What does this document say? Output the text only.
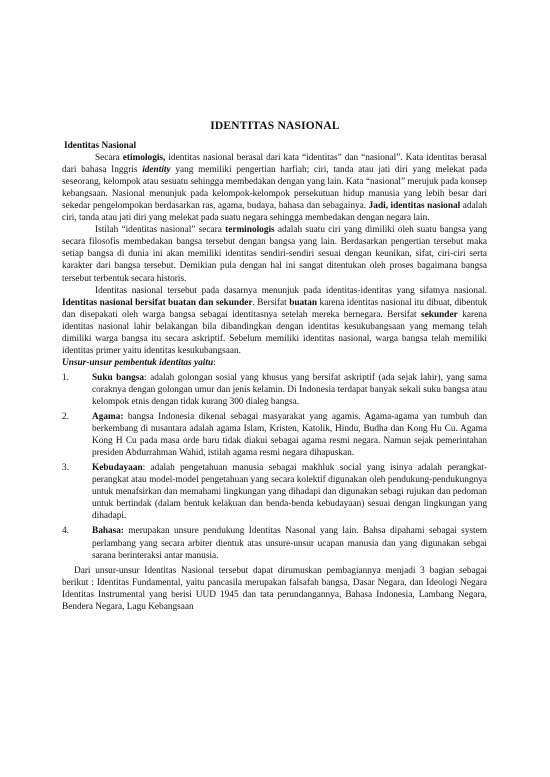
IDENTITAS NASIONAL
Identitas Nasional

Secara etimologis, identitas nasional berasal dari kata “identitas” dan “nasional”. Kata identitas berasal dari bahasa Inggris identity yang memiliki pengertian harfiah; ciri, tanda atau jati diri yang melekat pada seseorang, kelompok atau sesuatu sehingga membedakan dengan yang lain. Kata “nasional” merujuk pada konsep kebangsaan. Nasional menunjuk pada kelompok-kelompok persekutuan hidup manusia yang lebih besar dari sekedar pengelompokan berdasarkan ras, agama, budaya, bahasa dan sebagainya. Jadi, identitas nasional adalah ciri, tanda atau jati diri yang melekat pada suatu negara sehingga membedakan dengan negara lain.

Istilah “identitas nasional” secara terminologis adalah suatu ciri yang dimiliki oleh suatu bangsa yang secara filosofis membedakan bangsa tersebut dengan bangsa yang lain. Berdasarkan pengertian tersebut maka setiap bangsa di dunia ini akan memiliki identitas sendiri-sendiri sesuai dengan keunikan, sifat, ciri-ciri serta karakter dari bangsa tersebut. Demikian pula dengan hal ini sangat ditentukan oleh proses bagaimana bangsa tersebut terbentuk secara historis.

Identitas nasional tersebut pada dasarnya menunjuk pada identitas-identitas yang sifatnya nasional. Identitas nasional bersifat buatan dan sekunder. Bersifat buatan karena identitas nasional itu dibuat, dibentuk dan disepakati oleh warga bangsa sebagai identitasnya setelah mereka bernegara. Bersifat sekunder karena identitas nasional lahir belakangan bila dibandingkan dengan identitas kesukubangsaan yang memang telah dimiliki warga bangsa itu secara askriptif. Sebelum memiliki identitas nasional, warga bangsa telah memiliki identitas primer yaitu identitas kesukubangsaan.

Unsur-unsur pembentuk identitas yaitu:
1.	Suku bangsa: adalah golongan sosial yang khusus yang bersifat askriptif (ada sejak lahir), yang sama coraknya dengan golongan umur dan jenis kelamin. Di Indonesia terdapat banyak sekali suku bangsa atau kelompok etnis dengan tidak kurang 300 dialeg bangsa.
2.	Agama: bangsa Indonesia dikenal sebagai masyarakat yang agamis. Agama-agama yan tumbuh dan berkembang di nusantara adalah agama Islam, Kristen, Katolik, Hindu, Budha dan Kong Hu Cu. Agama Kong H Cu pada masa orde baru tidak diakui sebagai agama resmi negara. Namun sejak pemerintahan presiden Abdurrahman Wahid, istilah agama resmi negara dihapuskan.
3.	Kebudayaan: adalah pengetahuan manusia sebagai makhluk social yang isinya adalah perangkat-perangkat atau model-model pengetahuan yang secara kolektif digunakan oleh pendukung-pendukungnya untuk menafsirkan dan memahami lingkungan yang dihadapi dan digunakan sebagi rujukan dan pedoman untuk bertindak (dalam bentuk kelakuan dan benda-benda kebudayaan) sesuai dengan lingkungan yang dihadapi.
4.	Bahasa: merupakan unsure pendukung Identitas Nasonal yang lain. Bahsa dipahami sebagai system perlambang yang secara arbiter dientuk atas unsure-unsur ucapan manusia dan yang digunakan sebgai sarana berinteraksi antar manusia.

Dari unsur-unsur Identitas Nasional tersebut dapat dirumuskan pembagiannya menjadi 3 bagian sebagai berikut : Identitas Fundamental, yaitu pancasila merupakan falsafah bangsa, Dasar Negara, dan Ideologi Negara Identitas Instrumental yang berisi UUD 1945 dan tata perundangannya, Bahasa Indonesia, Lambang Negara, Bendera Negara, Lagu Kebangsaan
